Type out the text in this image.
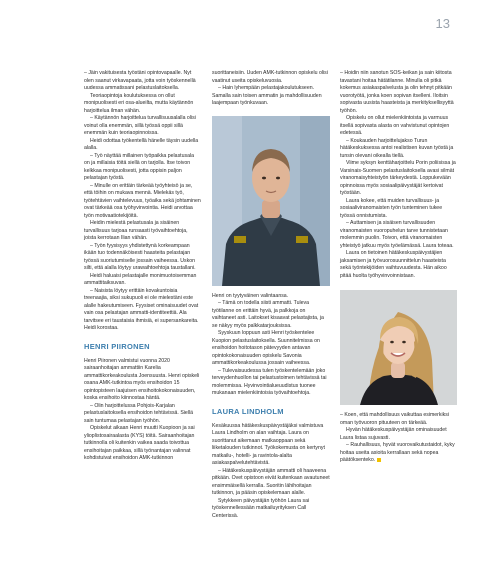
13

– Jäin vakituisesta työstäni opintovapaalle. Nyt olen saanut virkavapaata, jotta voin työskennellä uudessa ammatissani pelastuslaitoksella.

Teoriaopintoja koulutuksessa on ollut monipuolisesti eri osa-alueilta, mutta käytännön harjoittelua ilman vähän.

– Käytännön harjoittelua turvallisuusalalla olisi voinut olla enemmän, sillä työssä oppii sillä enemmän kuin teoriaopinnoissa.

Heidi odottaa työkentellä hänelle täysin uudella alalla.

– Työ näyttää millainen työpaikka pelastusala on ja millaisia töitä siellä on tarjolla. Itse toivon kelkkaa monipuolisesti, jotta oppisin paljon pelastajan työstä.

– Minulle on erittäin tärkeää työyhteisö ja se, että töihin on mukava mennä. Mielekäs työ, työtehtävien vaihtelevuus, työaika sekä johtaminen ovat tärkeää osa työhyvinvointia. Heidi arvottaa työn motivaatiotekijöitä.

Heidin mielestä pelastusala ja sisäinen turvallisuus tarjoaa runsaasti työvaihtoehtoja, joista kerrotaan Ilian vähän.

– Työn fyysisyys yhdistettynä korkeampaan ikään tuo todennäköisesti haasteita pelastajan työssä suoriutumiselle jossain vaiheessa. Uskon silti, että alalla löytyy urawaihtoehtoja taustallani.

Heidi haluaisi pelastajalle monimuotoisemman ammattitaiksuvan.

– Naisista löytyy erittäin kovakuntoisia treenaajia, siksi sukupuoli ei ole mielestäni este alalle hakeutumiseen. Fyysiset ominaisuudet ovat vain osa pelastajan ammatti-identiteettiä. Ala tarvitsee eri taustaisia ihmisiä, ei supersankareita. Heidi korostaa.

HENRI PIIRONEN

Henri Piironen valmistui vuonna 2020 sairaanhoitajan ammattiin Karelia ammattikorkeakoulusta Joensuusta. Henri opiskeli osana AMK-tutkintoa myös ensihoidon 15 opintopisteen laajuisen ensihoitokokonaisuuden, koska ensihoito kiinnostaa häntä.

– Olin harjoittelussa Pohjois-Karjalan pelastuslaitoksella ensihoidon tehtävissä. Siellä sain tuntumaa pelastajan työhön.

Opiskelut aikaan Henri muutti Kuopioon ja sai ylioplistosairaalasta (KYS) töitä. Sairaanhoitajan tutkinnolla oli kuitenkin vaikea saada toivottua ensihoitajan paikkaa, sillä työnantajan valinnat kohdistuivat ensihoidon AMK-tutkinnon

suorittaneisiin. Uuden AMK-tutkinnon opiskelu olisi vaatinut useita opiskeluvuosia.

– Hain lyhempään pelastajakoulutukseen. Samalla sain toisen ammatin ja mahdollisuuden laajempaan työnkuvaan.

Henri on tyytyväinen valintaansa.

– Tämä on todella siisti ammatti. Tuleva työtilanne on erittäin hyvä, ja palkkoja on vaihtaneet asti. Laitokset kisaavat pelastajista, ja se näkyy myös palkkatarjouksissa.

Syyskuun loppuun asti Henri työskentelee Kuopion pelastuslaitoksella. Suunnitelmissa on ensihoidon hoitotason pätevyyden antavan opintokokonaisuuden opiskelu Savonia ammattikorkeakoulussa jossain vaiheessa.

– Tulevaisuudessa tulen työskentelemään joko terveydenhuollon tai pelastustoimen tehtävissä tai molemmissa. Hyvinvointialueuudistus tuonee mukanaan mielenkiintoisia työvaihtoehtoja.

LAURA LINDHOLM

Kesäkuussa hätäkeskuspäivystäjäksi valmistuva Laura Lindholm on alan vaihtaja. Laura on suorittanut aikemaan matkaoppaan sekä liiketalouden tutkinnot. Työkokemusta on kertynyt matkailu-, hotelli- ja ravintola-alalta asiakaspalvelutehtävistä.

– Hätäkeskuspäivystäjän ammatti oli haaveena pitkään. Ovet opistoon eivät kuitenkaan avautuneet ensimmäisellä kerralla. Suoritin lähihoitajan tutkinnon, ja pääsin opiskelemaan alalle.

Sytykkeen päivystäjän työhön Laura sai työskennellessään matkailuyrityksen Call Centerissä.

– Hoidin niin sanotun SOS-keikan ja sain kiitosta tavastani hoitaa hätätilanne. Minulla oli pitkä kokemus asiakaspalvelusta ja olin tehnyt pitkään vuorotyötä, jonka koen sopivan itselleni. Iloitsin sopivasta uusista haasteista ja merkityksellisyyttä työhön.

Opiskelu on ollut mielenkiintoista ja varmuus itsellä sopivasta alasta on vahvistunut opintojen edetessä.

– Koukauden harjoittelujakso Turun hätäkeskuksessa antoi realistisen kuvan työstä ja tunsin olevani oikealla tiellä.

Viime syksyn kenttäharjoittelu Porin poliisissa ja Varsinais-Suomen pelastuslaitoksella avasi silmät viranomaisyhteistyön tärkeydestä. Loppukevään opinnoissa myös sosiaalipäivystäjät kertoivat työstään.

Laura kokee, että muiden turvallisuus- ja sosiaaliviranomaisten työn tunteminen tukee työssä onnistumista.

– Auttamisen ja sisäisen turvallisuuden viranomaisten vuoropuhelun tarve tunnistetaan molemmin puolin. Toivon, että viranomaisten yhteistyö jatkuu myös työelämässä. Laura toteaa.

Laura on tietoinen hätäkeskuspäivystäjien jaksamisen ja työvuorosuunnittelun haasteista sekä työntekijöiden vaihtuvuudesta. Hän aikoo pitää huolta työhyvinvoinnistaan.

– Koen, että mahdollisuus vaikuttaa esimerkiksi oman työvuoron pituuteen on tärkeää.

Hyvän hätäkeskuspäivystäjän ominaisuudet Laura listaa sujuvasti.

– Rauhallisuus, hyvät vuorovaikutustaidot, kyky hoitaa useita asioita kerrallaan sekä nopea päätöksenteko.
